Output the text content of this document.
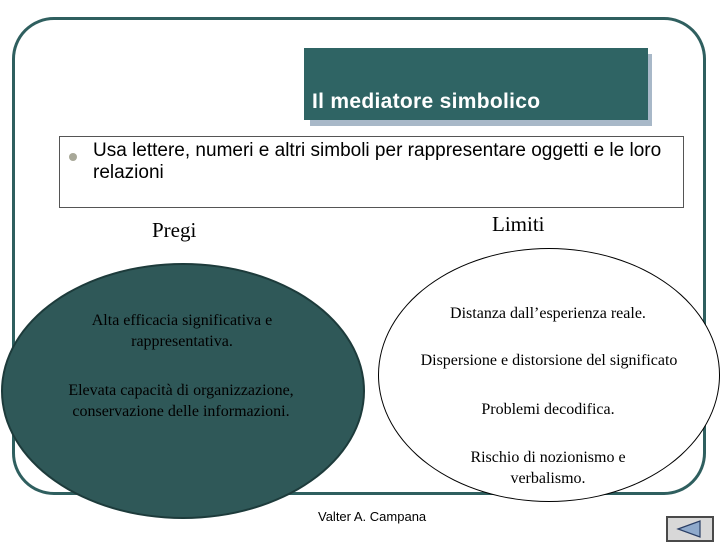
Il mediatore simbolico
Usa lettere, numeri e altri simboli per rappresentare oggetti e le loro relazioni
Pregi	Limiti
Alta efficacia significativa e rappresentativa.
Elevata capacità di organizzazione, conservazione delle informazioni.
Distanza dall’esperienza reale.
Dispersione e distorsione del significato
Problemi decodifica.
Rischio di nozionismo e verbalismo.
Valter A. Campana
